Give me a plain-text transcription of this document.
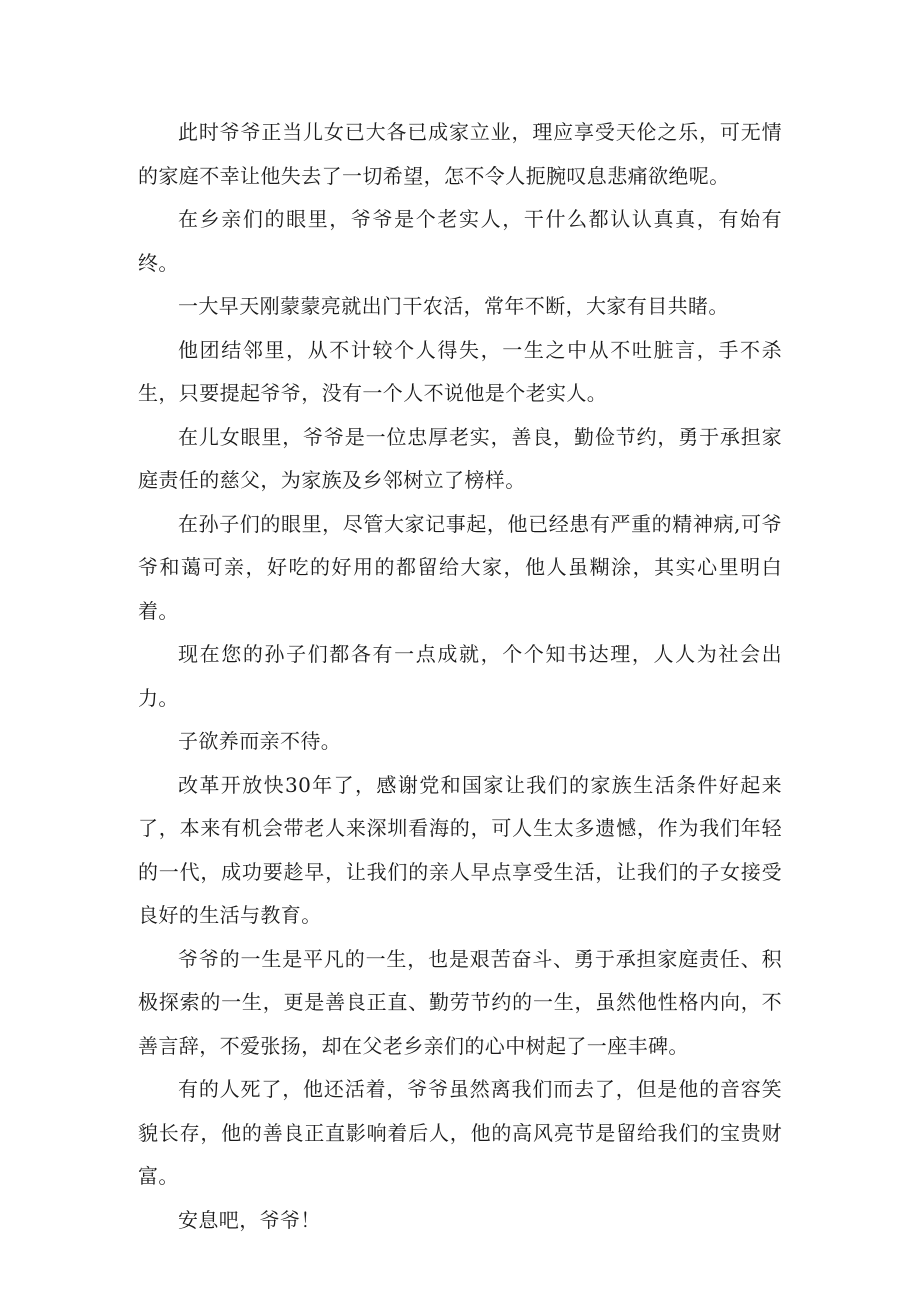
此时爷爷正当儿女已大各已成家立业，理应享受天伦之乐，可无情的家庭不幸让他失去了一切希望，怎不令人扼腕叹息悲痛欲绝呢。

在乡亲们的眼里，爷爷是个老实人，干什么都认认真真，有始有终。

一大早天刚蒙蒙亮就出门干农活，常年不断，大家有目共睹。

他团结邻里，从不计较个人得失，一生之中从不吐脏言，手不杀生，只要提起爷爷，没有一个人不说他是个老实人。

在儿女眼里，爷爷是一位忠厚老实，善良，勤俭节约，勇于承担家庭责任的慈父，为家族及乡邻树立了榜样。

在孙子们的眼里，尽管大家记事起，他已经患有严重的精神病,可爷爷和蔼可亲，好吃的好用的都留给大家，他人虽糊涂，其实心里明白着。

现在您的孙子们都各有一点成就，个个知书达理，人人为社会出力。

子欲养而亲不待。

改革开放快30年了，感谢党和国家让我们的家族生活条件好起来了，本来有机会带老人来深圳看海的，可人生太多遗憾，作为我们年轻的一代，成功要趁早，让我们的亲人早点享受生活，让我们的子女接受良好的生活与教育。

爷爷的一生是平凡的一生，也是艰苦奋斗、勇于承担家庭责任、积极探索的一生，更是善良正直、勤劳节约的一生，虽然他性格内向，不善言辞，不爱张扬，却在父老乡亲们的心中树起了一座丰碑。

有的人死了，他还活着，爷爷虽然离我们而去了，但是他的音容笑貌长存，他的善良正直影响着后人，他的高风亮节是留给我们的宝贵财富。

安息吧，爷爷！
